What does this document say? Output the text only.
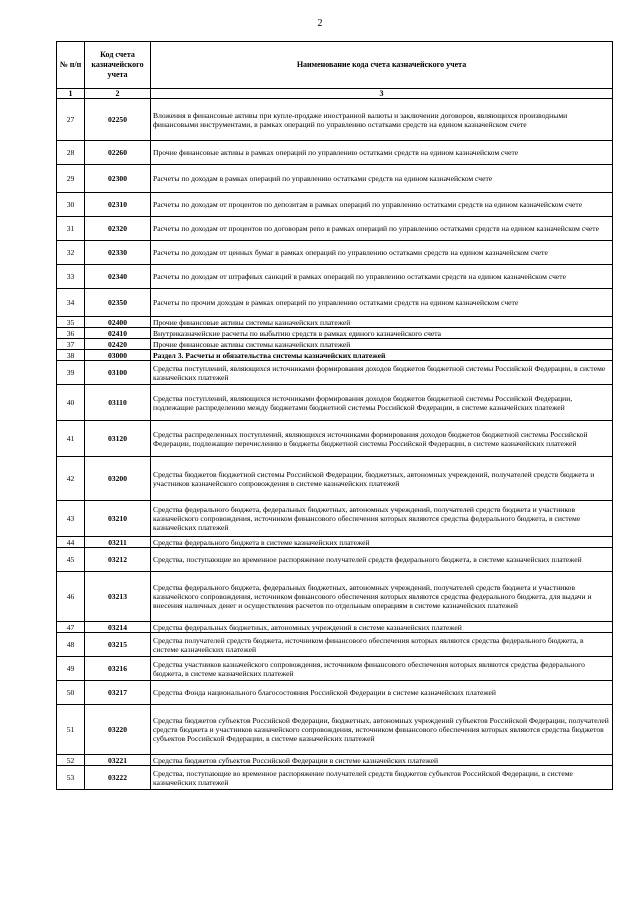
2
№ п/п	Код счета казначейского учета	Наименование кода счета казначейского учета
1	2	3
27	02250	Вложения в финансовые активы при купле-продаже иностранной валюты и заключении договоров, являющихся производными финансовыми инструментами, в рамках операций по управлению остатками средств на едином казначейском счете
28	02260	Прочие финансовые активы в рамках операций по управлению остатками средств на едином казначейском счете
29	02300	Расчеты по доходам в рамках операций по управлению остатками средств на едином казначейском счете
30	02310	Расчеты по доходам от процентов по депозитам в рамках операций по управлению остатками средств на едином казначейском счете
31	02320	Расчеты по доходам от процентов по договорам репо в рамках операций по управлению остатками средств на едином казначейском счете
32	02330	Расчеты по доходам от ценных бумаг в рамках операций по управлению остатками средств на едином казначейском счете
33	02340	Расчеты по доходам от штрафных санкций в рамках операций по управлению остатками средств на едином казначейском счете
34	02350	Расчеты по прочим доходам в рамках операций по управлению остатками средств на едином казначейском счете
35	02400	Прочие финансовые активы системы казначейских платежей
36	02410	Внутриказначейские расчеты по выбытию средств в рамках единого казначейского счета
37	02420	Прочие финансовые активы системы казначейских платежей
38	03000	Раздел 3. Расчеты и обязательства системы казначейских платежей
39	03100	Средства поступлений, являющихся источниками формирования доходов бюджетов бюджетной системы Российской Федерации, в системе казначейских платежей
40	03110	Средства поступлений, являющихся источниками формирования доходов бюджетов бюджетной системы Российской Федерации, подлежащие распределению между бюджетами бюджетной системы Российской Федерации, в системе казначейских платежей
41	03120	Средства распределенных поступлений, являющихся источниками формирования доходов бюджетов бюджетной системы Российской Федерации, подлежащие перечислению в бюджеты бюджетной системы Российской Федерации, в системе казначейских платежей
42	03200	Средства бюджетов бюджетной системы Российской Федерации, бюджетных, автономных учреждений, получателей средств бюджета и участников казначейского сопровождения в системе казначейских платежей
43	03210	Средства федерального бюджета, федеральных бюджетных, автономных учреждений, получателей средств бюджета и участников казначейского сопровождения, источником финансового обеспечения которых являются средства федерального бюджета, в системе казначейских платежей
44	03211	Средства федерального бюджета в системе казначейских платежей
45	03212	Средства, поступающие во временное распоряжение получателей средств федерального бюджета, в системе казначейских платежей
46	03213	Средства федерального бюджета, федеральных бюджетных, автономных учреждений, получателей средств бюджета и участников казначейского сопровождения, источником финансового обеспечения которых являются средства федерального бюджета, для выдачи и внесения наличных денег и осуществления расчетов по отдельным операциям в системе казначейских платежей
47	03214	Средства федеральных бюджетных, автономных учреждений в системе казначейских платежей
48	03215	Средства получателей средств бюджета, источником финансового обеспечения которых являются средства федерального бюджета, в системе казначейских платежей
49	03216	Средства участников казначейского сопровождения, источником финансового обеспечения которых являются средства федерального бюджета, в системе казначейских платежей
50	03217	Средства Фонда национального благосостояния Российской Федерации в системе казначейских платежей
51	03220	Средства бюджетов субъектов Российской Федерации, бюджетных, автономных учреждений субъектов Российской Федерации, получателей средств бюджета и участников казначейского сопровождения, источником финансового обеспечения которых являются средства бюджетов субъектов Российской Федерации, в системе казначейских платежей
52	03221	Средства бюджетов субъектов Российской Федерации в системе казначейских платежей
53	03222	Средства, поступающие во временное распоряжение получателей средств бюджетов субъектов Российской Федерации, в системе казначейских платежей
